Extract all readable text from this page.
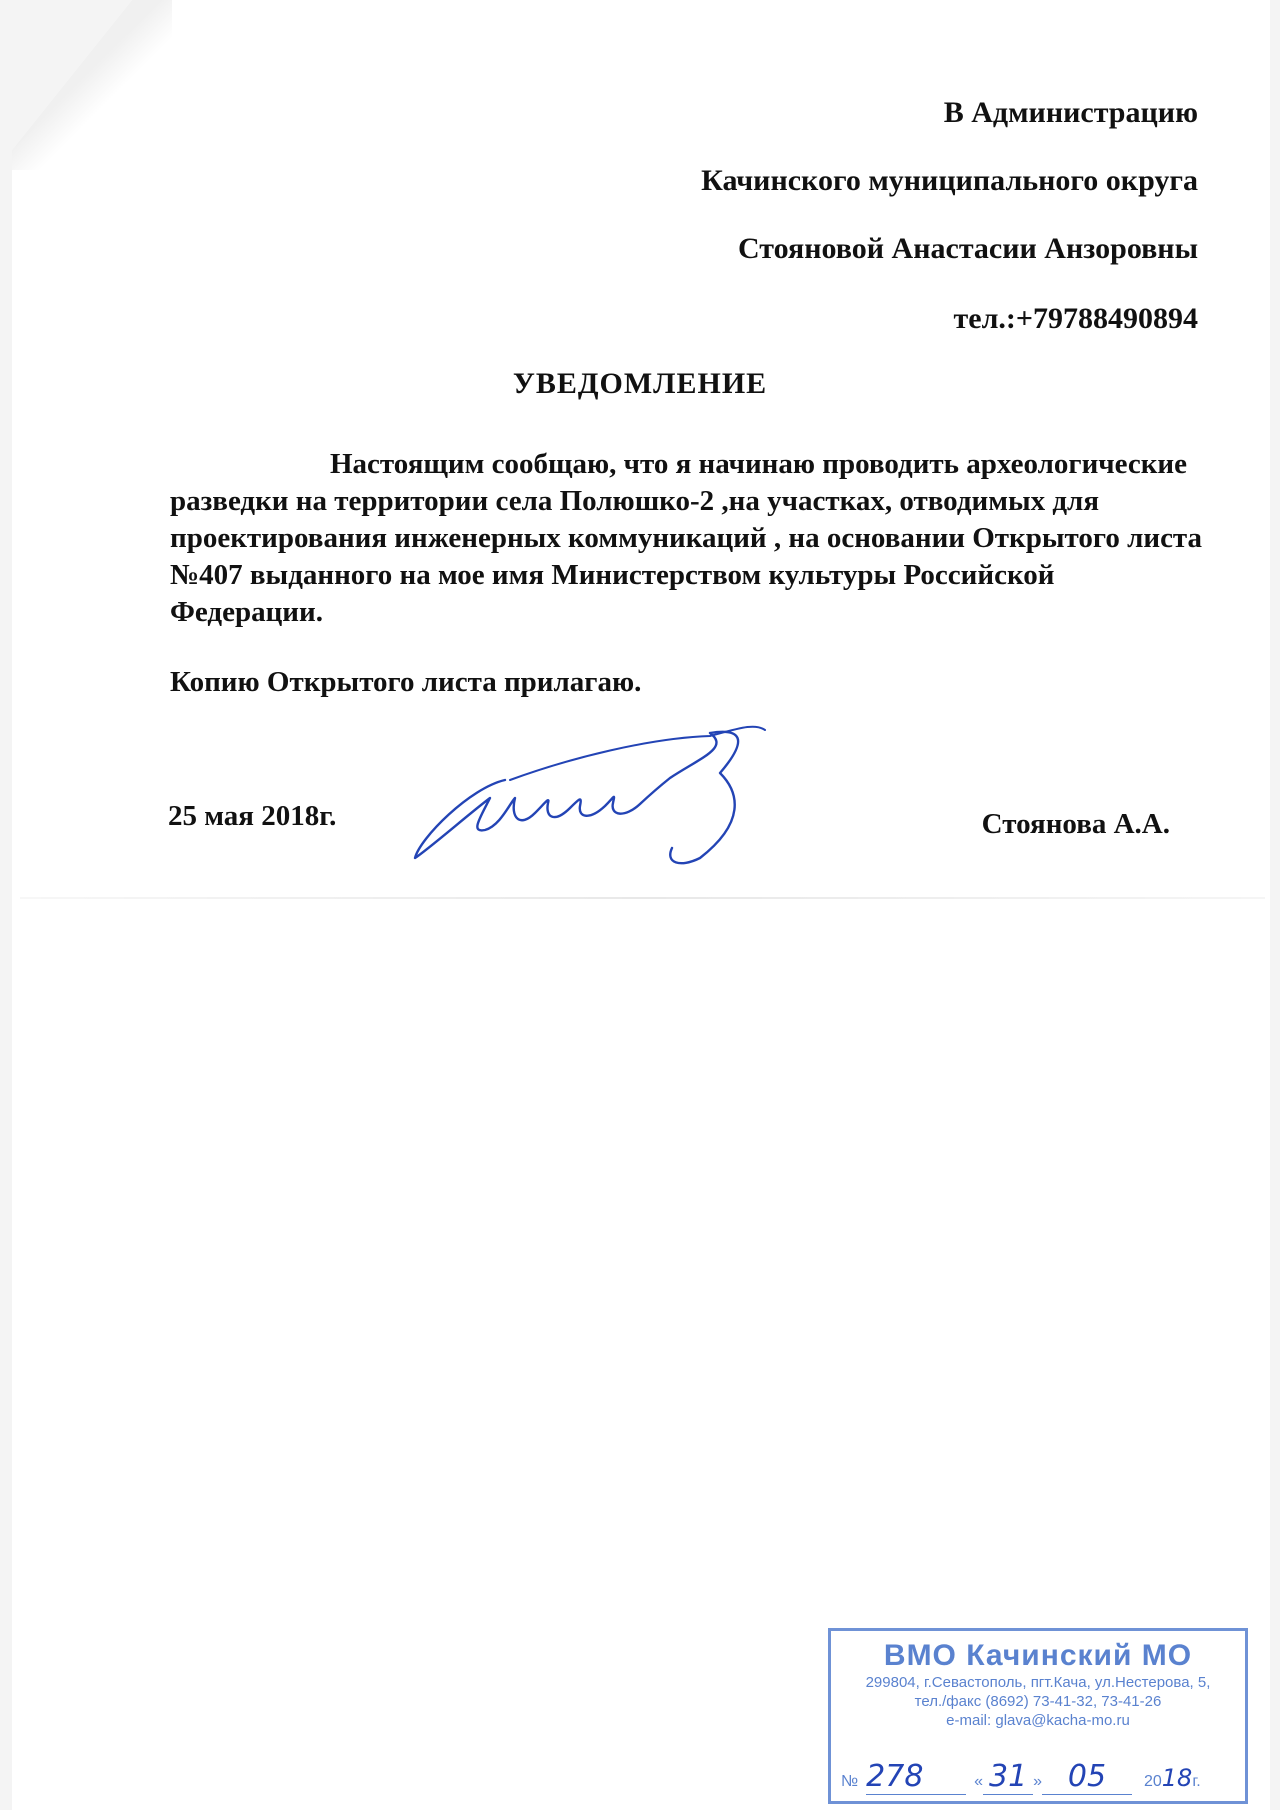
В Администрацию
Качинского муниципального округа
Стояновой Анастасии Анзоровны
тел.:+79788490894
УВЕДОМЛЕНИЕ
Настоящим сообщаю, что я начинаю проводить археологические разведки на территории села Полюшко-2 ,на участках, отводимых для проектирования инженерных коммуникаций , на основании Открытого листа №407 выданного на мое имя Министерством культуры Российской Федерации.
Копию Открытого листа прилагаю.
25 мая 2018г.	Стоянова А.А.
ВМО Качинский МО
299804, г.Севастополь, пгт.Кача, ул.Нестерова, 5,
тел./факс (8692) 73-41-32, 73-41-26
e-mail: glava@kacha-mo.ru
№ 278	« 31 » 05	20 18 г.
